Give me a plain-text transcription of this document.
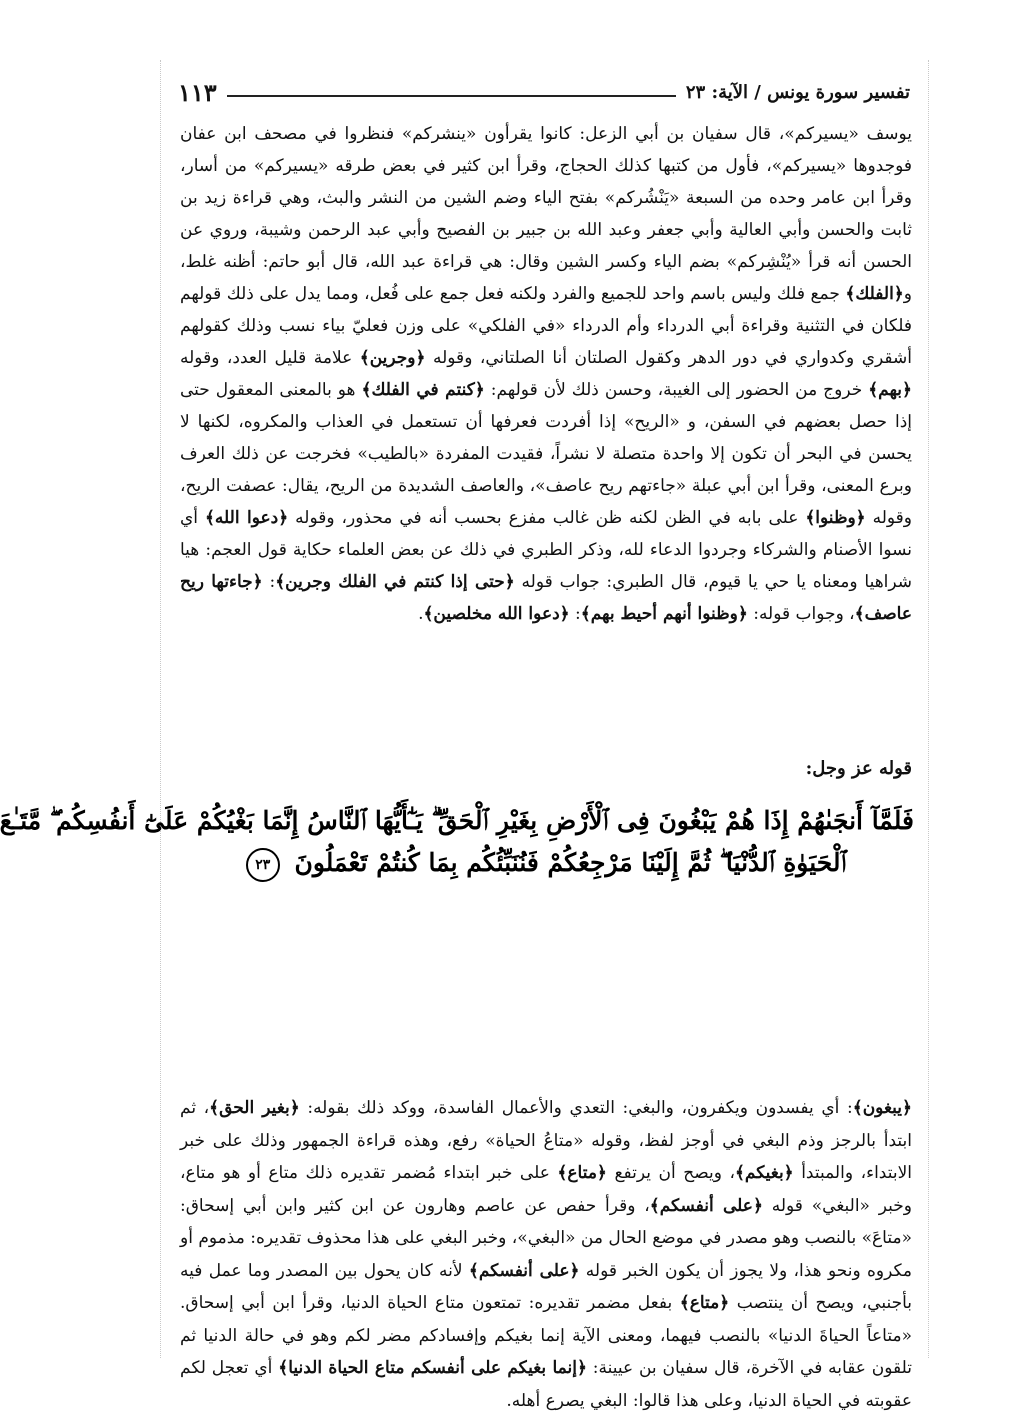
تفسير سورة يونس / الآية: ٢٣
١١٣

يوسف «يسيركم»، قال سفيان بن أبي الزعل: كانوا يقرأون «ينشركم» فنظروا في مصحف ابن عفان فوجدوها «يسيركم»، فأول من كتبها كذلك الحجاج، وقرأ ابن كثير في بعض طرقه «يسيركم» من أسار، وقرأ ابن عامر وحده من السبعة «يَنْشُركم» بفتح الياء وضم الشين من النشر والبث، وهي قراءة زيد بن ثابت والحسن وأبي العالية وأبي جعفر وعبد الله بن جبير بن الفصيح وأبي عبد الرحمن وشيبة، وروي عن الحسن أنه قرأ «يُنْشِركم» بضم الياء وكسر الشين وقال: هي قراءة عبد الله، قال أبو حاتم: أظنه غلط، و﴿الفلك﴾ جمع فلك وليس باسم واحد للجميع والفرد ولكنه فعل جمع على فُعل، ومما يدل على ذلك قولهم فلكان في التثنية وقراءة أبي الدرداء وأم الدرداء «في الفلكي» على وزن فعليّ بياء نسب وذلك كقولهم أشقري وكدواري في دور الدهر وكقول الصلتان أنا الصلتاني، وقوله ﴿وجرين﴾ علامة قليل العدد، وقوله ﴿بهم﴾ خروج من الحضور إلى الغيبة، وحسن ذلك لأن قولهم: ﴿كنتم في الفلك﴾ هو بالمعنى المعقول حتى إذا حصل بعضهم في السفن، و «الريح» إذا أفردت فعرفها أن تستعمل في العذاب والمكروه، لكنها لا يحسن في البحر أن تكون إلا واحدة متصلة لا نشراً، فقيدت المفردة «بالطيب» فخرجت عن ذلك العرف وبرع المعنى، وقرأ ابن أبي عبلة «جاءتهم ريح عاصف»، والعاصف الشديدة من الريح، يقال: عصفت الريح، وقوله ﴿وظنوا﴾ على بابه في الظن لكنه ظن غالب مفزع بحسب أنه في محذور، وقوله ﴿دعوا الله﴾ أي نسوا الأصنام والشركاء وجردوا الدعاء لله، وذكر الطبري في ذلك عن بعض العلماء حكاية قول العجم: هيا شراهيا ومعناه يا حي يا قيوم، قال الطبري: جواب قوله ﴿حتى إذا كنتم في الفلك وجرين﴾: ﴿جاءتها ريح عاصف﴾، وجواب قوله: ﴿وظنوا أنهم أحيط بهم﴾: ﴿دعوا الله مخلصين﴾.

قوله عز وجل:
فَلَمَّآ أَنجَىٰهُمْ إِذَا هُمْ يَبْغُونَ فِى ٱلْأَرْضِ بِغَيْرِ ٱلْحَقِّ ۗ يَـٰٓأَيُّهَا ٱلنَّاسُ إِنَّمَا بَغْيُكُمْ عَلَىٰٓ أَنفُسِكُم ۖ مَّتَـٰعَ
ٱلْحَيَوٰةِ ٱلدُّنْيَا ۖ ثُمَّ إِلَيْنَا مَرْجِعُكُمْ فَنُنَبِّئُكُم بِمَا كُنتُمْ تَعْمَلُونَ ٢٣

﴿يبغون﴾: أي يفسدون ويكفرون، والبغي: التعدي والأعمال الفاسدة، ووكد ذلك بقوله: ﴿بغير الحق﴾، ثم ابتدأ بالرجز وذم البغي في أوجز لفظ، وقوله «متاعُ الحياة» رفع، وهذه قراءة الجمهور وذلك على خبر الابتداء، والمبتدأ ﴿بغيكم﴾، ويصح أن يرتفع ﴿متاع﴾ على خبر ابتداء مُضمر تقديره ذلك متاع أو هو متاع، وخبر «البغي» قوله ﴿على أنفسكم﴾، وقرأ حفص عن عاصم وهارون عن ابن كثير وابن أبي إسحاق: «متاعَ» بالنصب وهو مصدر في موضع الحال من «البغي»، وخبر البغي على هذا محذوف تقديره: مذموم أو مكروه ونحو هذا، ولا يجوز أن يكون الخبر قوله ﴿على أنفسكم﴾ لأنه كان يحول بين المصدر وما عمل فيه بأجنبي، ويصح أن ينتصب ﴿متاع﴾ بفعل مضمر تقديره: تمتعون متاع الحياة الدنيا، وقرأ ابن أبي إسحاق. «متاعاً الحياةَ الدنيا» بالنصب فيهما، ومعنى الآية إنما بغيكم وإفسادكم مضر لكم وهو في حالة الدنيا ثم تلقون عقابه في الآخرة، قال سفيان بن عيينة: ﴿إنما بغيكم على أنفسكم متاع الحياة الدنيا﴾ أي تعجل لكم عقوبته في الحياة الدنيا، وعلى هذا قالوا: البغي يصرع أهله.
